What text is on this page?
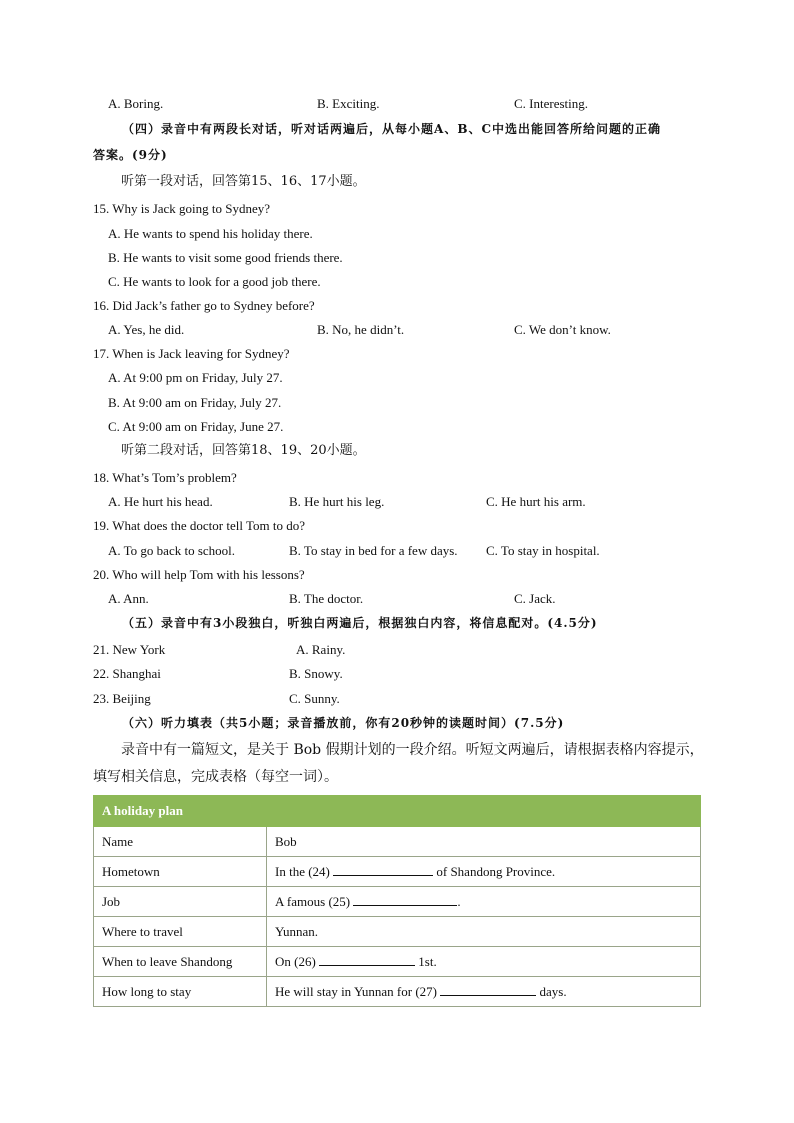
A. Boring.	B. Exciting.	C. Interesting.
（四）录音中有两段长对话，听对话两遍后，从每小题A、B、C中选出能回答所给问题的正确
答案。(9分)
听第一段对话，回答第15、16、17小题。
15. Why is Jack going to Sydney?
A. He wants to spend his holiday there.
B. He wants to visit some good friends there.
C. He wants to look for a good job there.
16. Did Jack’s father go to Sydney before?
A. Yes, he did.	B. No, he didn’t.	C. We don’t know.
17. When is Jack leaving for Sydney?
A. At 9:00 pm on Friday, July 27.
B. At 9:00 am on Friday, July 27.
C. At 9:00 am on Friday, June 27.
听第二段对话，回答第18、19、20小题。
18. What’s Tom’s problem?
A. He hurt his head.	B. He hurt his leg.	C. He hurt his arm.
19. What does the doctor tell Tom to do?
A. To go back to school.	B. To stay in bed for a few days. C. To stay in hospital.
20. Who will help Tom with his lessons?
A. Ann.	B. The doctor.	C. Jack.
（五）录音中有3小段独白，听独白两遍后，根据独白内容，将信息配对。(4.5分)
21. New York	A. Rainy.
22. Shanghai	B. Snowy.
23. Beijing	C. Sunny.
（六）听力填表（共5小题；录音播放前，你有20秒钟的读题时间）(7.5分)
录音中有一篇短文，是关于 Bob 假期计划的一段介绍。听短文两遍后，请根据表格内容提示，
填写相关信息，完成表格（每空一词）。
A holiday plan	
Name	Bob
Hometown	In the (24) of Shandong Province.
Job	A famous (25) .
Where to travel	Yunnan.
When to leave Shandong	On (26) 1st.
How long to stay	He will stay in Yunnan for (27) days.
